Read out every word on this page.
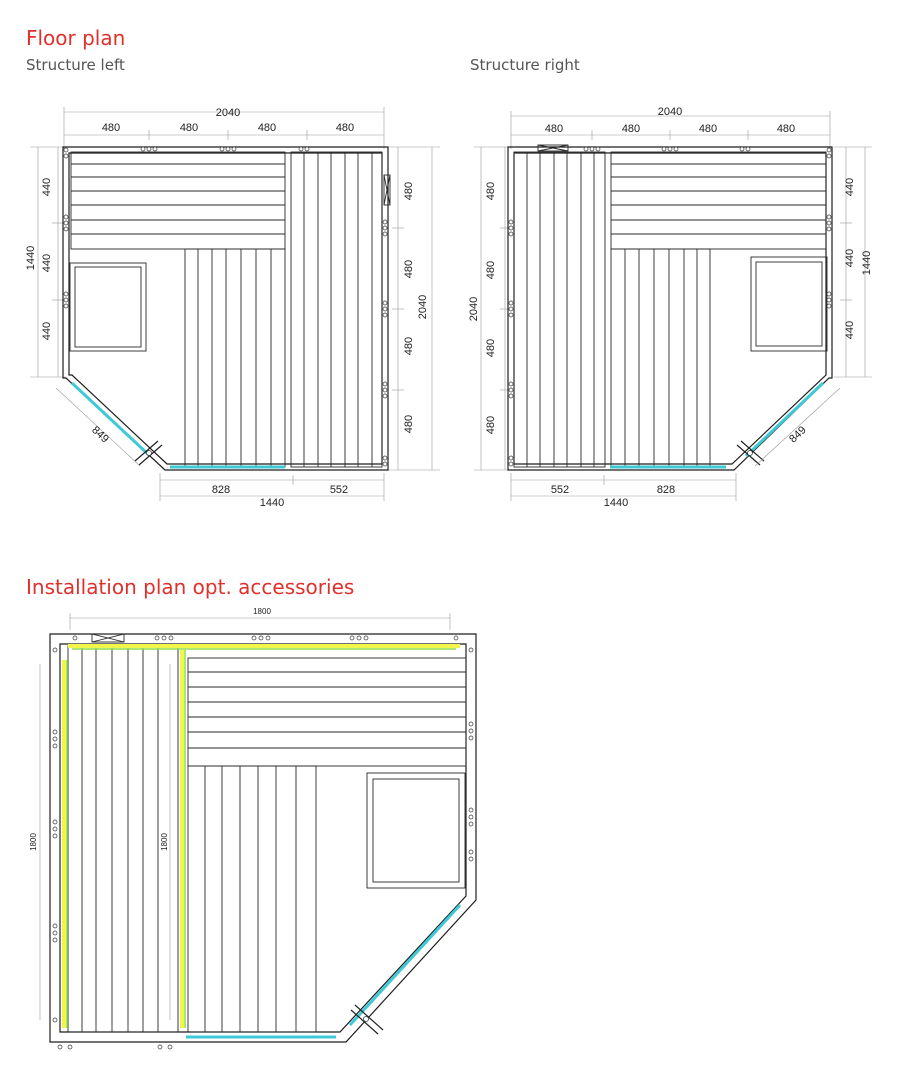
Floor plan
Structure left	Structure right
2040
480	480	480	480
1440
440
440
440
2040
480
480
480
480
849
828	552
1440
2040
480	480	480	480
2040
480
480
480
480
1440
440
440
440
849
552	828
1440
Installation plan opt. accessories
1800
1800	1800
